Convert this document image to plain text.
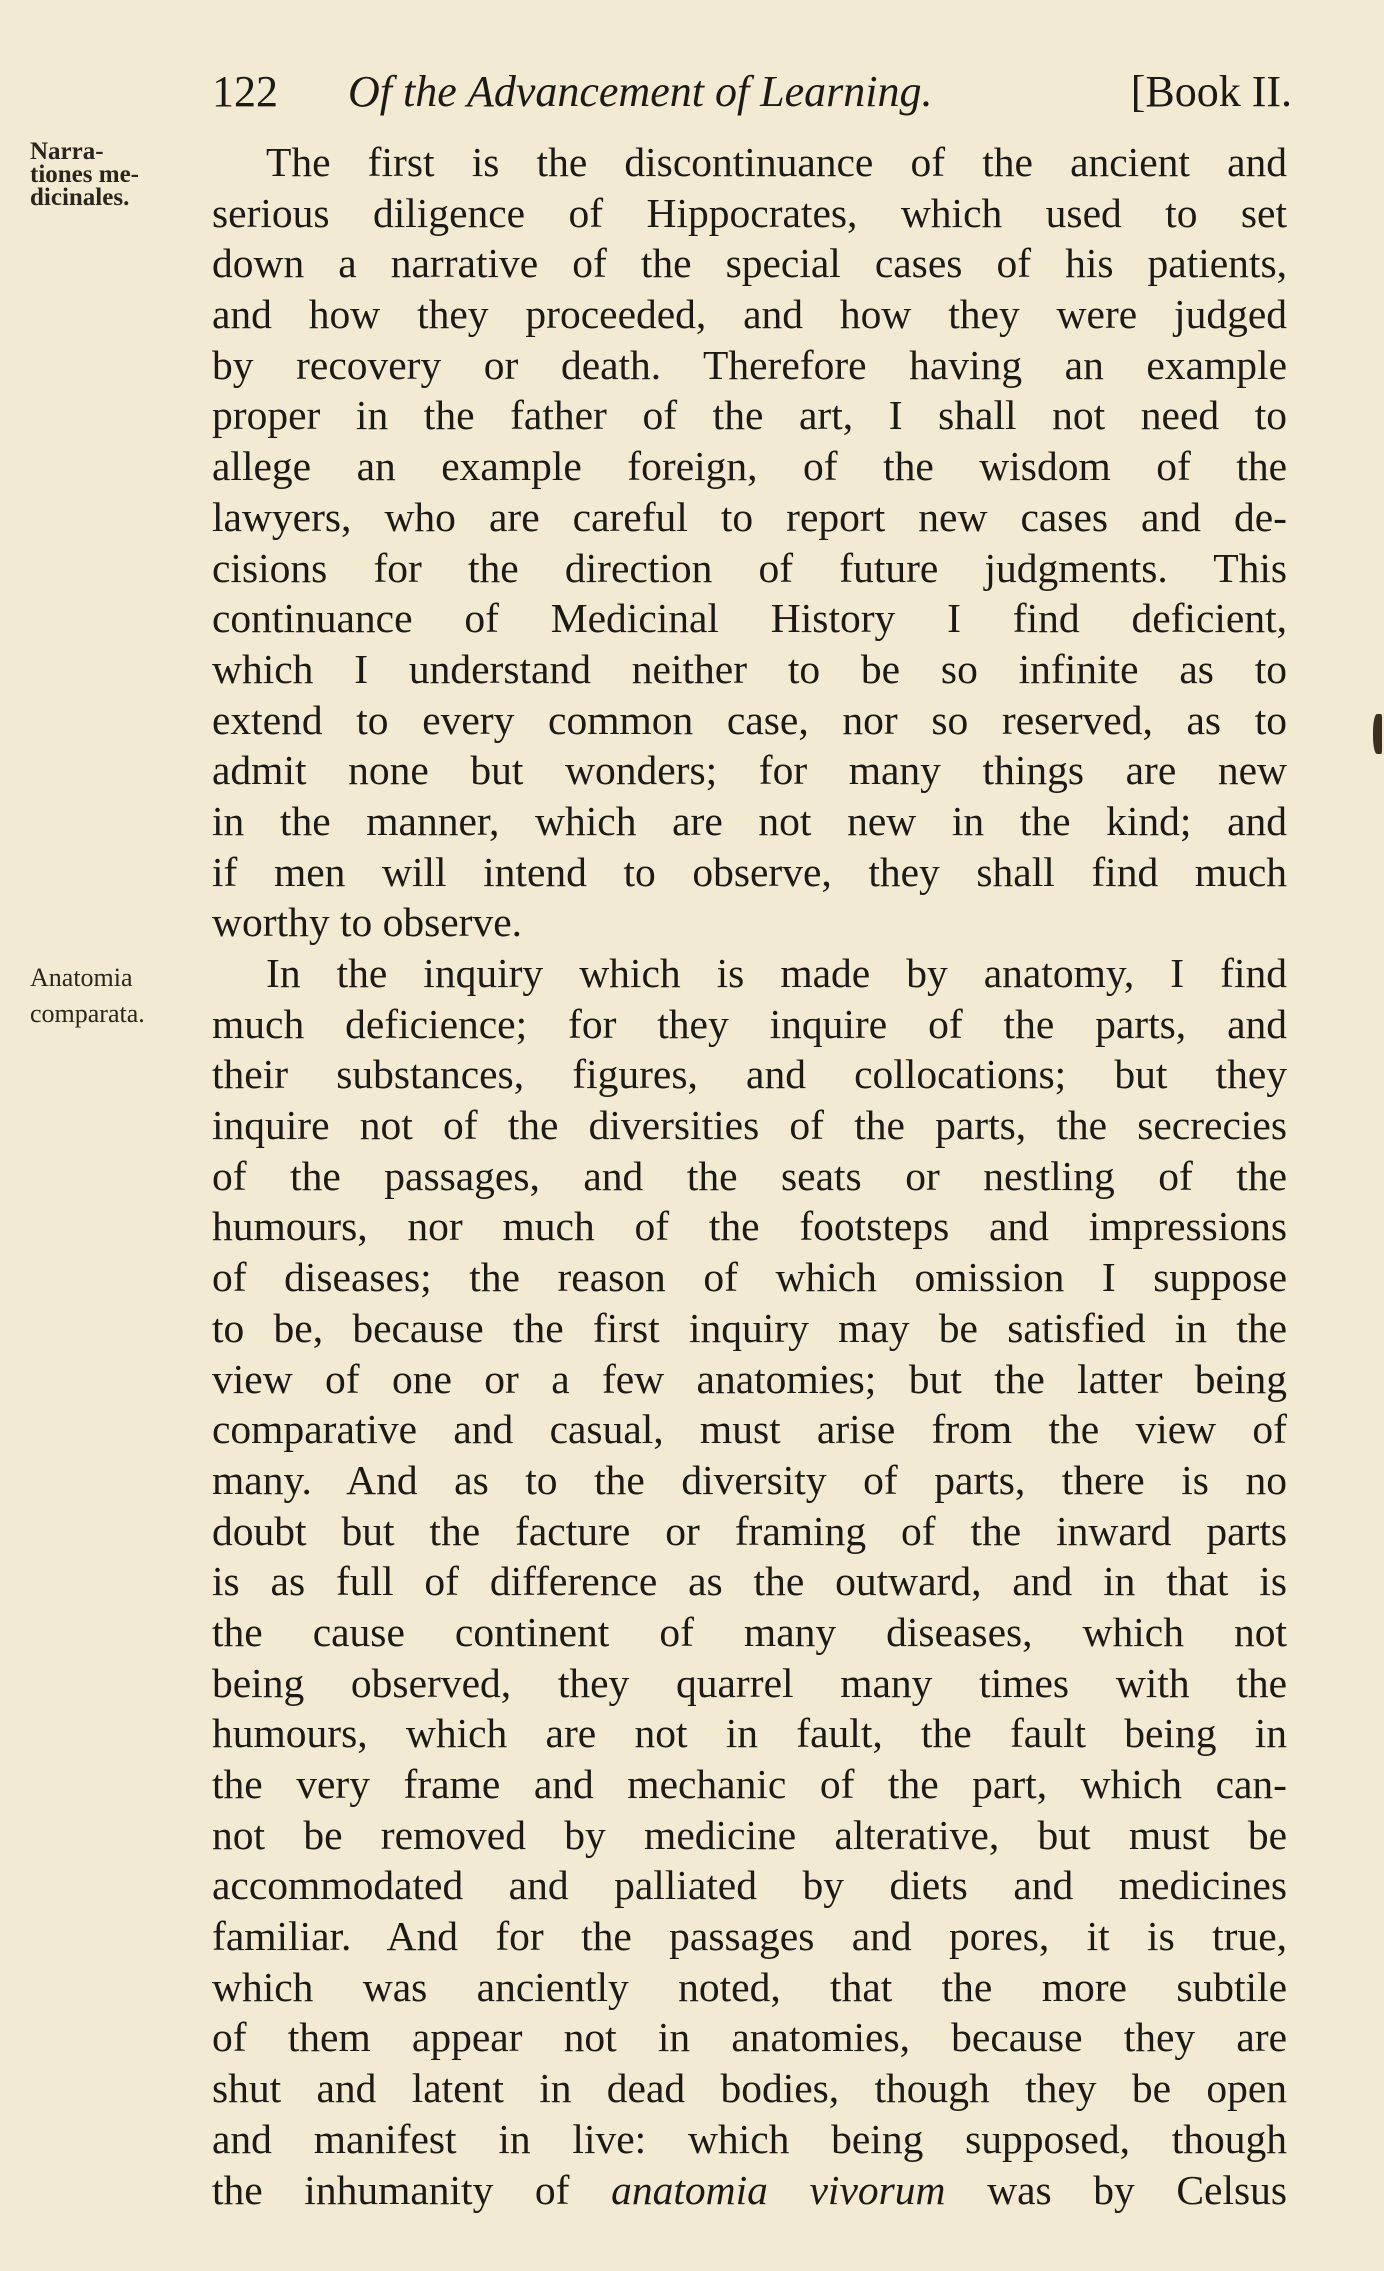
122 Of the Advancement of Learning.	[Book II.
Narra-
tiones me-
dicinales.
Anatomia
comparata.
The first is the discontinuance of the ancient and
serious diligence of Hippocrates, which used to set
down a narrative of the special cases of his patients,
and how they proceeded, and how they were judged
by recovery or death. Therefore having an example
proper in the father of the art, I shall not need to
allege an example foreign, of the wisdom of the
lawyers, who are careful to report new cases and de-
cisions for the direction of future judgments. This
continuance of Medicinal History I find deficient,
which I understand neither to be so infinite as to
extend to every common case, nor so reserved, as to
admit none but wonders; for many things are new
in the manner, which are not new in the kind; and
if men will intend to observe, they shall find much
worthy to observe.
In the inquiry which is made by anatomy, I find
much deficience; for they inquire of the parts, and
their substances, figures, and collocations; but they
inquire not of the diversities of the parts, the secrecies
of the passages, and the seats or nestling of the
humours, nor much of the footsteps and impressions
of diseases; the reason of which omission I suppose
to be, because the first inquiry may be satisfied in the
view of one or a few anatomies; but the latter being
comparative and casual, must arise from the view of
many. And as to the diversity of parts, there is no
doubt but the facture or framing of the inward parts
is as full of difference as the outward, and in that is
the cause continent of many diseases, which not
being observed, they quarrel many times with the
humours, which are not in fault, the fault being in
the very frame and mechanic of the part, which can-
not be removed by medicine alterative, but must be
accommodated and palliated by diets and medicines
familiar. And for the passages and pores, it is true,
which was anciently noted, that the more subtile
of them appear not in anatomies, because they are
shut and latent in dead bodies, though they be open
and manifest in live: which being supposed, though
the inhumanity of anatomia vivorum was by Celsus
